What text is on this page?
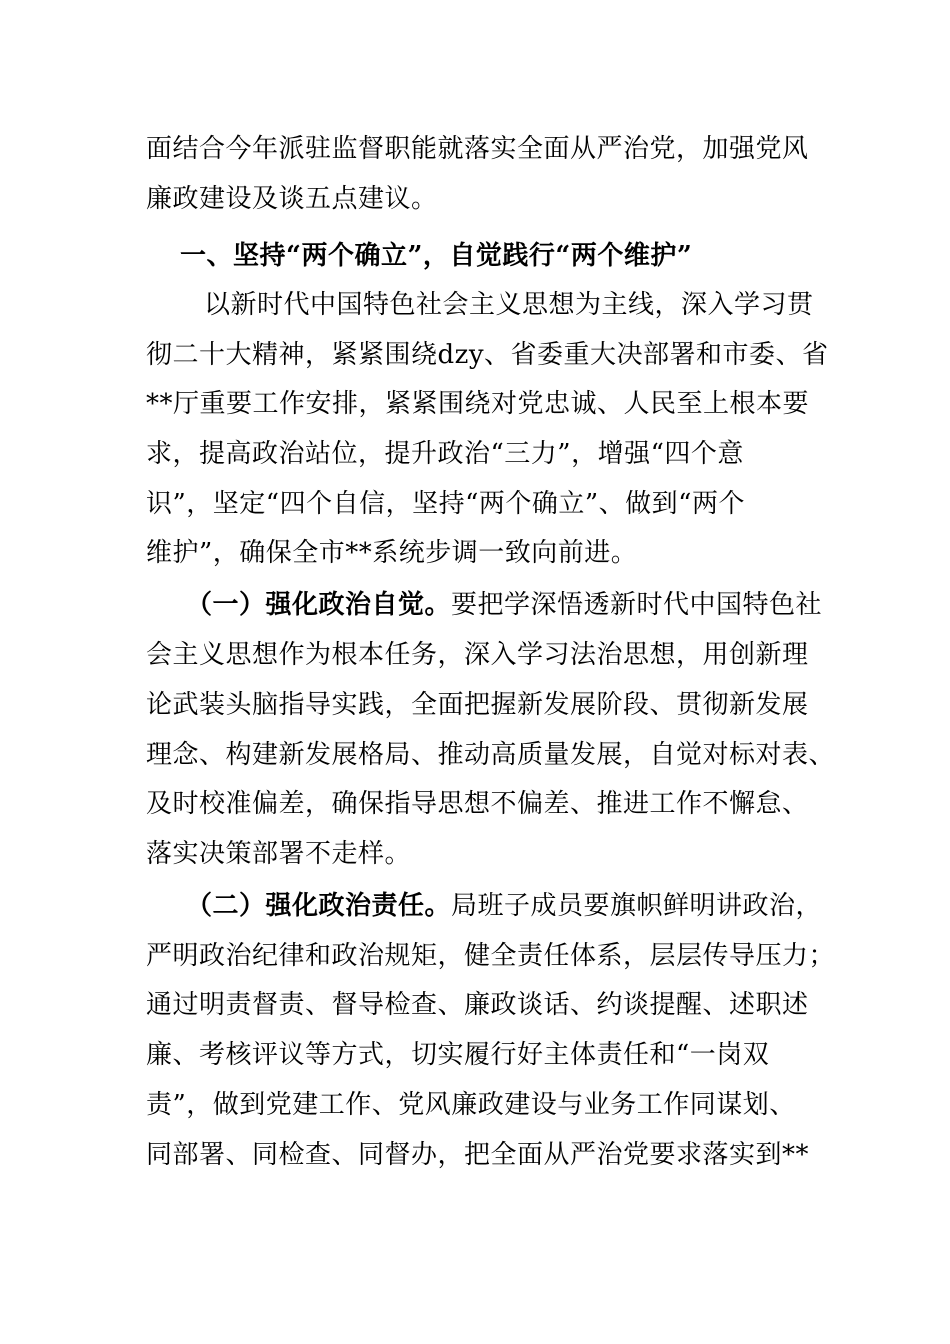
面结合今年派驻监督职能就落实全面从严治党，加强党风
廉政建设及谈五点建议。
一、坚持“两个确立”，自觉践行“两个维护”
以新时代中国特色社会主义思想为主线，深入学习贯
彻二十大精神，紧紧围绕dzy、省委重大决部署和市委、省
**厅重要工作安排，紧紧围绕对党忠诚、人民至上根本要
求，提高政治站位，提升政治“三力”，增强“四个意
识”，坚定“四个自信，坚持“两个确立”、做到“两个
维护”，确保全市**系统步调一致向前进。
（一）强化政治自觉。要把学深悟透新时代中国特色社
会主义思想作为根本任务，深入学习法治思想，用创新理
论武装头脑指导实践，全面把握新发展阶段、贯彻新发展
理念、构建新发展格局、推动高质量发展，自觉对标对表、
及时校准偏差，确保指导思想不偏差、推进工作不懈怠、
落实决策部署不走样。
（二）强化政治责任。局班子成员要旗帜鲜明讲政治，
严明政治纪律和政治规矩，健全责任体系，层层传导压力；
通过明责督责、督导检查、廉政谈话、约谈提醒、述职述
廉、考核评议等方式，切实履行好主体责任和“一岗双
责”，做到党建工作、党风廉政建设与业务工作同谋划、
同部署、同检查、同督办，把全面从严治党要求落实到**
